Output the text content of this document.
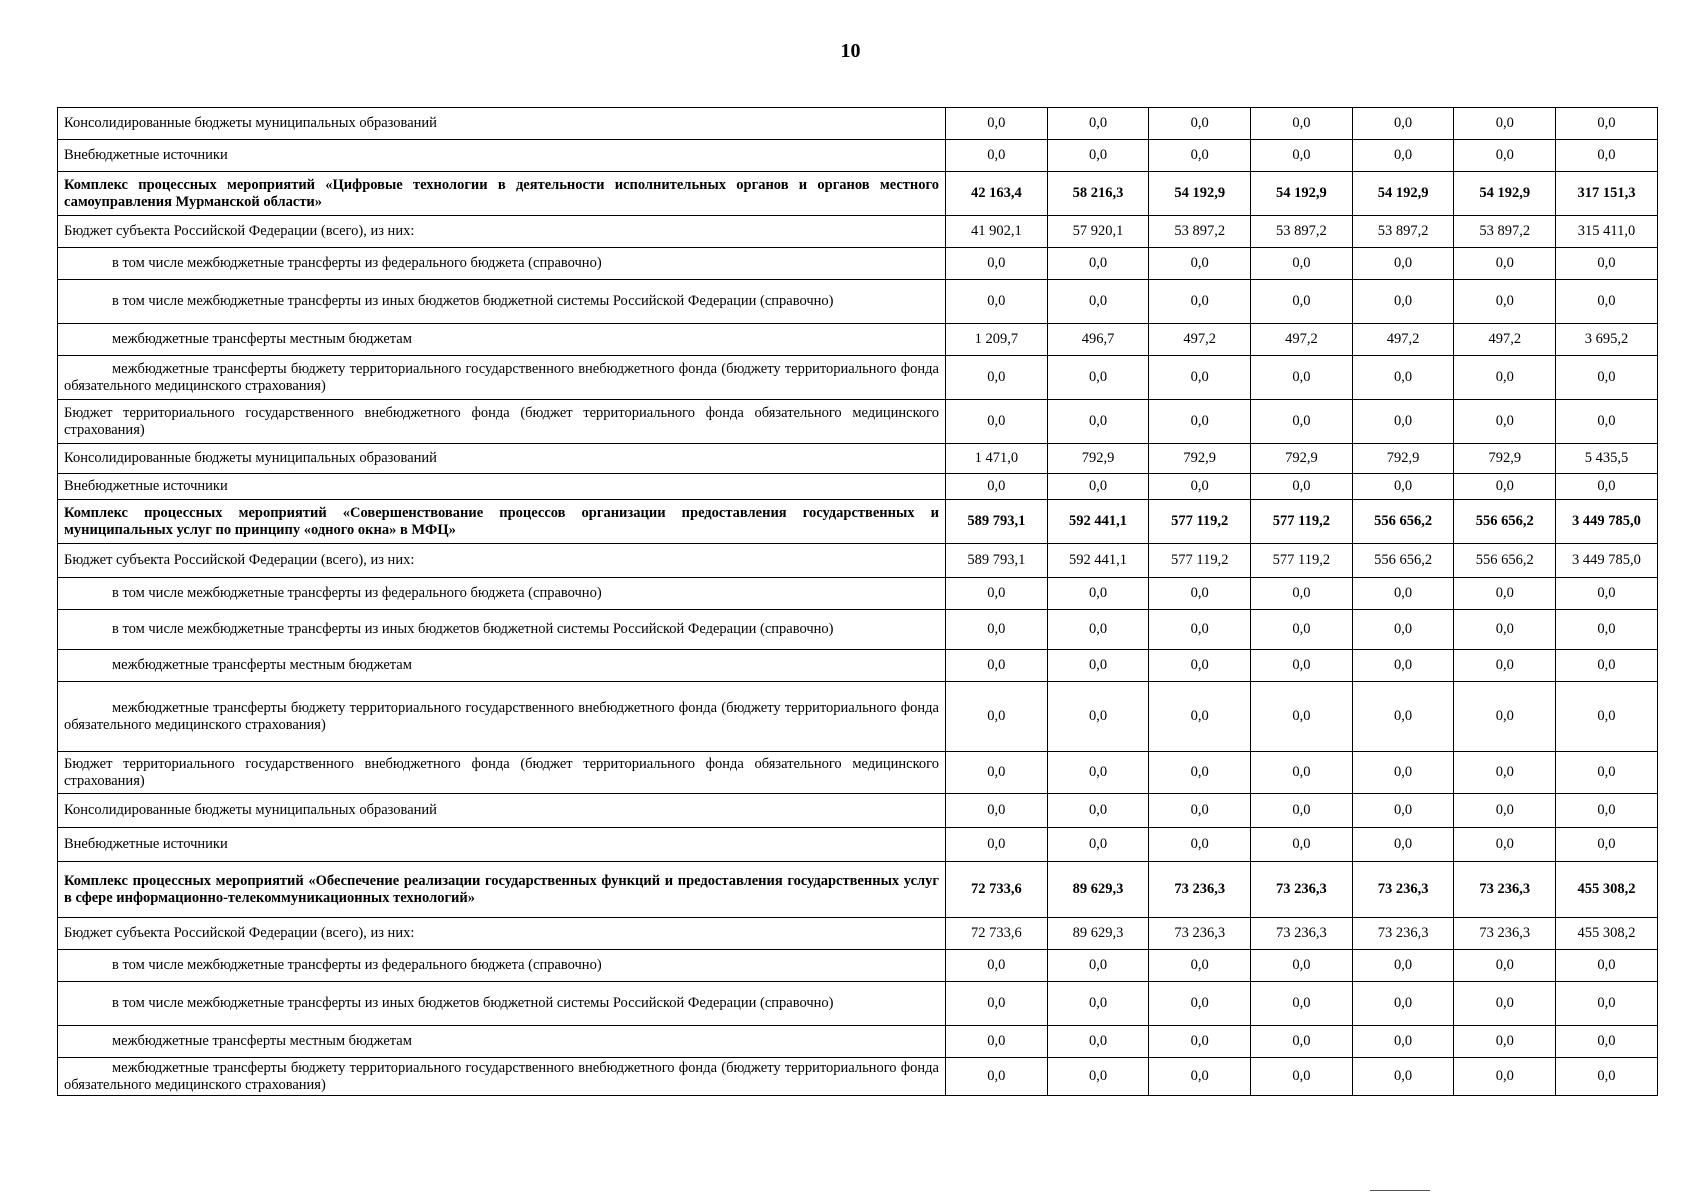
10
Консолидированные бюджеты муниципальных образований	0,0	0,0	0,0	0,0	0,0	0,0	0,0
Внебюджетные источники	0,0	0,0	0,0	0,0	0,0	0,0	0,0
Комплекс процессных мероприятий «Цифровые технологии в деятельности исполнительных органов и органов местного самоуправления Мурманской области»	42 163,4	58 216,3	54 192,9	54 192,9	54 192,9	54 192,9	317 151,3
Бюджет субъекта Российской Федерации (всего), из них:	41 902,1	57 920,1	53 897,2	53 897,2	53 897,2	53 897,2	315 411,0
в том числе межбюджетные трансферты из федерального бюджета (справочно)	0,0	0,0	0,0	0,0	0,0	0,0	0,0
в том числе межбюджетные трансферты из иных бюджетов бюджетной системы Российской Федерации (справочно)	0,0	0,0	0,0	0,0	0,0	0,0	0,0
межбюджетные трансферты местным бюджетам	1 209,7	496,7	497,2	497,2	497,2	497,2	3 695,2
межбюджетные трансферты бюджету территориального государственного внебюджетного фонда (бюджету территориального фонда обязательного медицинского страхования)	0,0	0,0	0,0	0,0	0,0	0,0	0,0
Бюджет территориального государственного внебюджетного фонда (бюджет территориального фонда обязательного медицинского страхования)	0,0	0,0	0,0	0,0	0,0	0,0	0,0
Консолидированные бюджеты муниципальных образований	1 471,0	792,9	792,9	792,9	792,9	792,9	5 435,5
Внебюджетные источники	0,0	0,0	0,0	0,0	0,0	0,0	0,0
Комплекс процессных мероприятий «Совершенствование процессов организации предоставления государственных и муниципальных услуг по принципу «одного окна» в МФЦ»	589 793,1	592 441,1	577 119,2	577 119,2	556 656,2	556 656,2	3 449 785,0
Бюджет субъекта Российской Федерации (всего), из них:	589 793,1	592 441,1	577 119,2	577 119,2	556 656,2	556 656,2	3 449 785,0
в том числе межбюджетные трансферты из федерального бюджета (справочно)	0,0	0,0	0,0	0,0	0,0	0,0	0,0
в том числе межбюджетные трансферты из иных бюджетов бюджетной системы Российской Федерации (справочно)	0,0	0,0	0,0	0,0	0,0	0,0	0,0
межбюджетные трансферты местным бюджетам	0,0	0,0	0,0	0,0	0,0	0,0	0,0
межбюджетные трансферты бюджету территориального государственного внебюджетного фонда (бюджету территориального фонда обязательного медицинского страхования)	0,0	0,0	0,0	0,0	0,0	0,0	0,0
Бюджет территориального государственного внебюджетного фонда (бюджет территориального фонда обязательного медицинского страхования)	0,0	0,0	0,0	0,0	0,0	0,0	0,0
Консолидированные бюджеты муниципальных образований	0,0	0,0	0,0	0,0	0,0	0,0	0,0
Внебюджетные источники	0,0	0,0	0,0	0,0	0,0	0,0	0,0
Комплекс процессных мероприятий «Обеспечение реализации государственных функций и предоставления государственных услуг в сфере информационно-телекоммуникационных технологий»	72 733,6	89 629,3	73 236,3	73 236,3	73 236,3	73 236,3	455 308,2
Бюджет субъекта Российской Федерации (всего), из них:	72 733,6	89 629,3	73 236,3	73 236,3	73 236,3	73 236,3	455 308,2
в том числе межбюджетные трансферты из федерального бюджета (справочно)	0,0	0,0	0,0	0,0	0,0	0,0	0,0
в том числе межбюджетные трансферты из иных бюджетов бюджетной системы Российской Федерации (справочно)	0,0	0,0	0,0	0,0	0,0	0,0	0,0
межбюджетные трансферты местным бюджетам	0,0	0,0	0,0	0,0	0,0	0,0	0,0
межбюджетные трансферты бюджету территориального государственного внебюджетного фонда (бюджету территориального фонда обязательного медицинского страхования)	0,0	0,0	0,0	0,0	0,0	0,0	0,0
